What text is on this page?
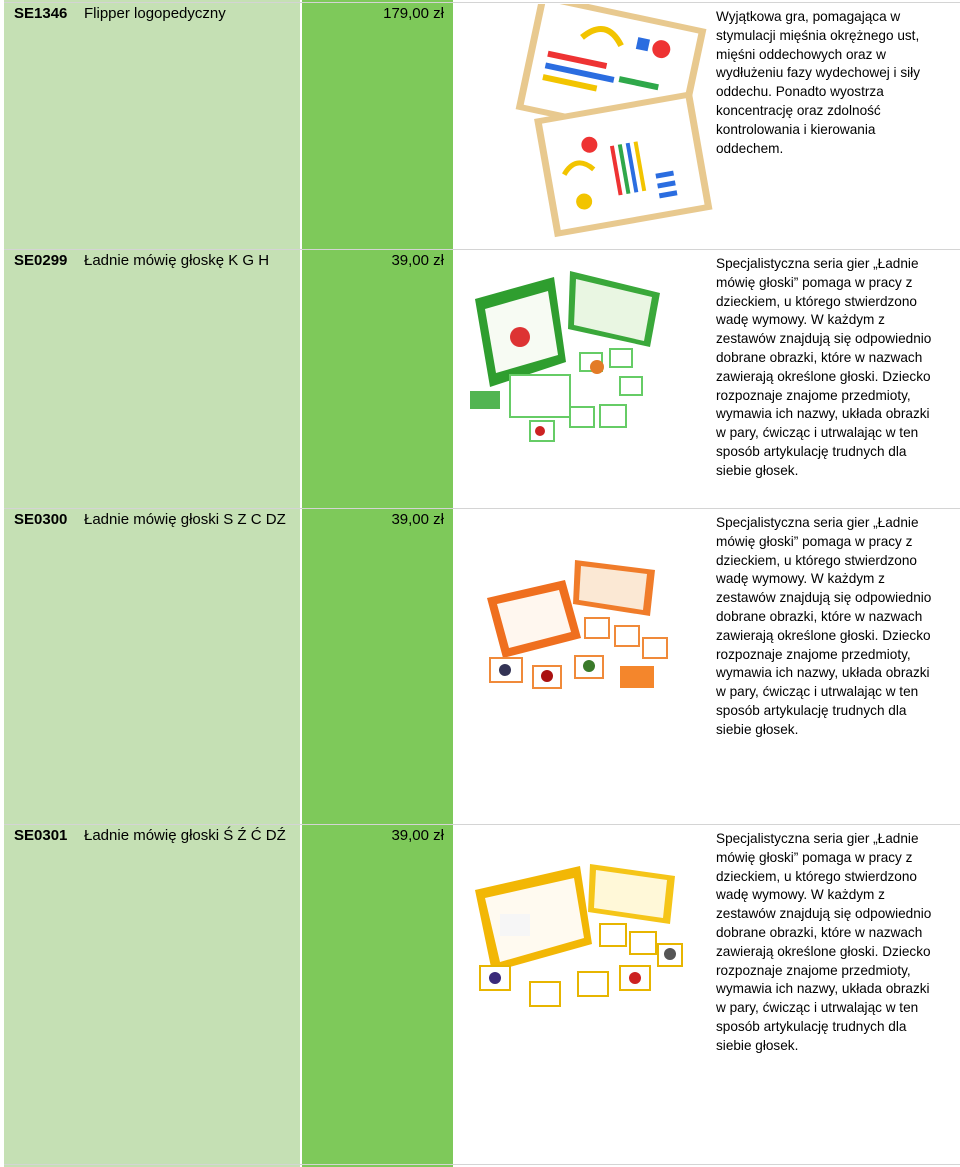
SE1346 Flipper logopedyczny	179,00 zł	Wyjątkowa gra, pomagająca w
stymulacji mięśnia okrężnego ust,
mięśni oddechowych oraz w
wydłużeniu fazy wydechowej i siły
oddechu. Ponadto wyostrza
koncentrację oraz zdolność
kontrolowania i kierowania
oddechem.
SE0299 Ładnie mówię głoskę K G H	39,00 zł	Specjalistyczna seria gier „Ładnie
mówię głoski” pomaga w pracy z
dzieckiem, u którego stwierdzono
wadę wymowy. W każdym z
zestawów znajdują się odpowiednio
dobrane obrazki, które w nazwach
zawierają określone głoski. Dziecko
rozpoznaje znajome przedmioty,
wymawia ich nazwy, układa obrazki
w pary, ćwicząc i utrwalając w ten
sposób artykulację trudnych dla
siebie głosek.
SE0300 Ładnie mówię głoski S Z C DZ	39,00 zł	Specjalistyczna seria gier „Ładnie
mówię głoski” pomaga w pracy z
dzieckiem, u którego stwierdzono
wadę wymowy. W każdym z
zestawów znajdują się odpowiednio
dobrane obrazki, które w nazwach
zawierają określone głoski. Dziecko
rozpoznaje znajome przedmioty,
wymawia ich nazwy, układa obrazki
w pary, ćwicząc i utrwalając w ten
sposób artykulację trudnych dla
siebie głosek.
SE0301 Ładnie mówię głoski Ś Ź Ć DŹ	39,00 zł	Specjalistyczna seria gier „Ładnie
mówię głoski” pomaga w pracy z
dzieckiem, u którego stwierdzono
wadę wymowy. W każdym z
zestawów znajdują się odpowiednio
dobrane obrazki, które w nazwach
zawierają określone głoski. Dziecko
rozpoznaje znajome przedmioty,
wymawia ich nazwy, układa obrazki
w pary, ćwicząc i utrwalając w ten
sposób artykulację trudnych dla
siebie głosek.
